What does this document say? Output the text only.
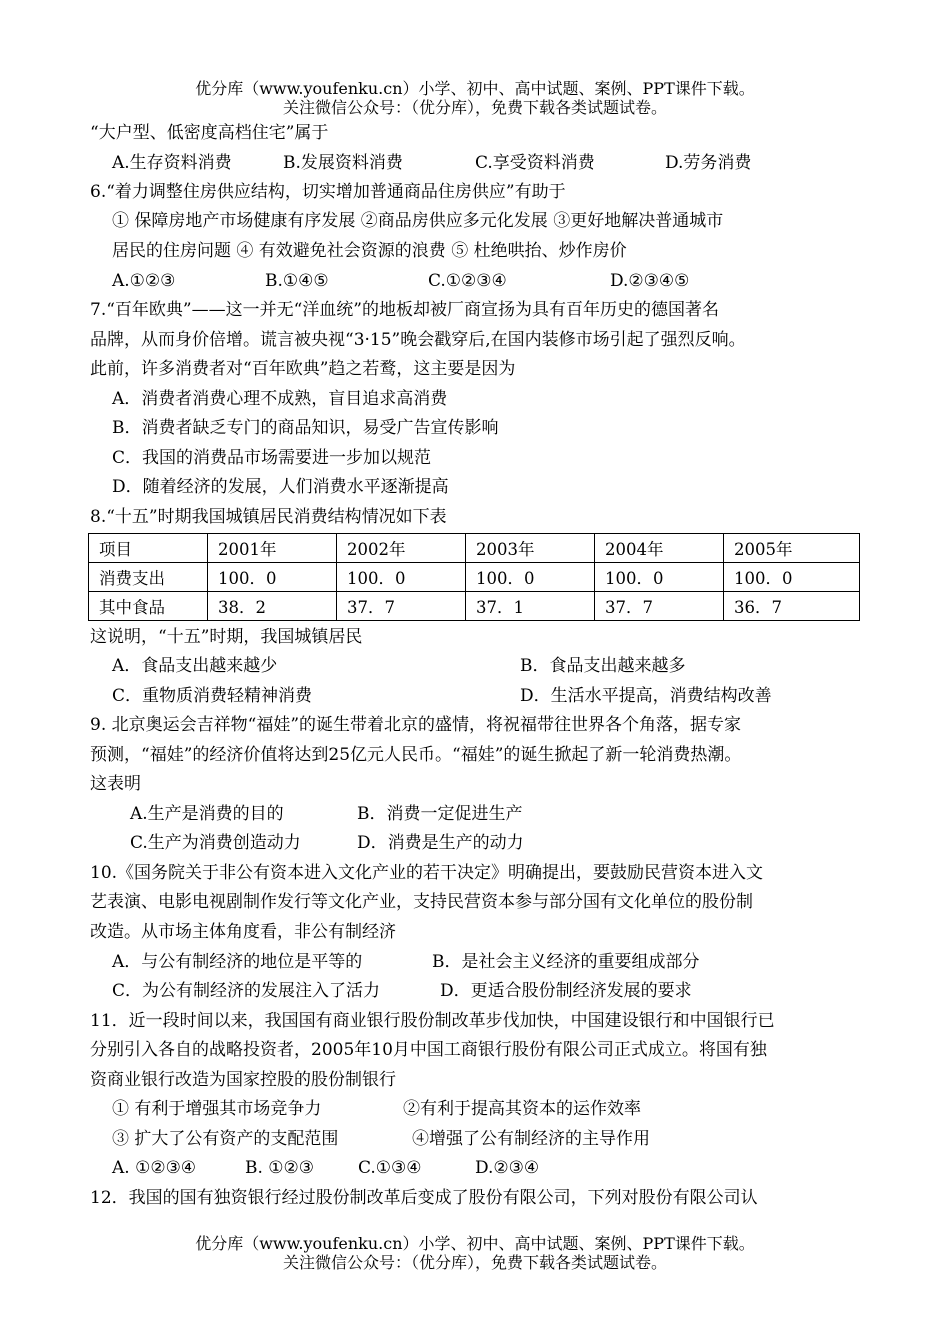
优分库（www.youfenku.cn）小学、初中、高中试题、案例、PPT课件下载。
关注微信公众号：（优分库），免费下载各类试题试卷。
“大户型、低密度高档住宅”属于
A.生存资料消费	B.发展资料消费	C.享受资料消费	D.劳务消费
6.“着力调整住房供应结构，切实增加普通商品住房供应”有助于
① 保障房地产市场健康有序发展 ②商品房供应多元化发展 ③更好地解决普通城市
居民的住房问题 ④ 有效避免社会资源的浪费 ⑤ 杜绝哄抬、炒作房价
A.①②③	B.①④⑤	C.①②③④	D.②③④⑤
7.“百年欧典”——这一并无“洋血统”的地板却被厂商宣扬为具有百年历史的德国著名
品牌，从而身价倍增。谎言被央视“3·15”晚会戳穿后,在国内装修市场引起了强烈反响。
此前，许多消费者对“百年欧典”趋之若鹜，这主要是因为
A．消费者消费心理不成熟，盲目追求高消费
B．消费者缺乏专门的商品知识，易受广告宣传影响
C．我国的消费品市场需要进一步加以规范
D．随着经济的发展，人们消费水平逐渐提高
8.“十五”时期我国城镇居民消费结构情况如下表
项目	2001年	2002年	2003年	2004年	2005年
消费支出	100．0	100．0	100．0	100．0	100．0
其中食品	38．2	37．7	37．1	37．7	36．7
这说明，“十五”时期，我国城镇居民
A．食品支出越来越少	B．食品支出越来越多
C．重物质消费轻精神消费	D．生活水平提高，消费结构改善
9. 北京奥运会吉祥物“福娃”的诞生带着北京的盛情，将祝福带往世界各个角落，据专家
预测，“福娃”的经济价值将达到25亿元人民币。“福娃”的诞生掀起了新一轮消费热潮。
这表明
A.生产是消费的目的	B．消费一定促进生产
C.生产为消费创造动力	D．消费是生产的动力
10.《国务院关于非公有资本进入文化产业的若干决定》明确提出，要鼓励民营资本进入文
艺表演、电影电视剧制作发行等文化产业，支持民营资本参与部分国有文化单位的股份制
改造。从市场主体角度看，非公有制经济
A．与公有制经济的地位是平等的	B．是社会主义经济的重要组成部分
C．为公有制经济的发展注入了活力	D．更适合股份制经济发展的要求
11．近一段时间以来，我国国有商业银行股份制改革步伐加快，中国建设银行和中国银行已
分别引入各自的战略投资者，2005年10月中国工商银行股份有限公司正式成立。将国有独
资商业银行改造为国家控股的股份制银行
① 有利于增强其市场竞争力	②有利于提高其资本的运作效率
③ 扩大了公有资产的支配范围	④增强了公有制经济的主导作用
A. ①②③④	B. ①②③	C.①③④	D.②③④
12．我国的国有独资银行经过股份制改革后变成了股份有限公司，下列对股份有限公司认
优分库（www.youfenku.cn）小学、初中、高中试题、案例、PPT课件下载。
关注微信公众号：（优分库），免费下载各类试题试卷。
